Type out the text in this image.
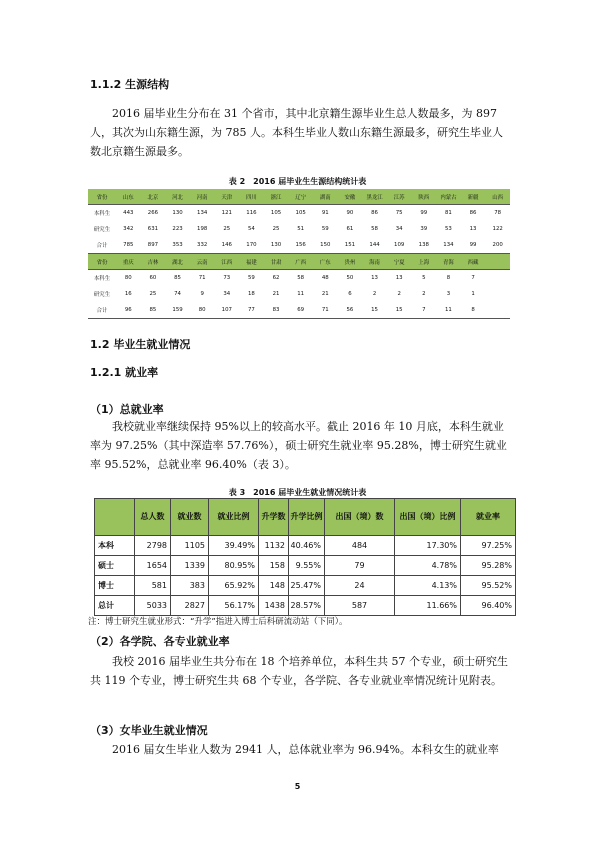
1.1.2 生源结构

2016 届毕业生分布在 31 个省市，其中北京籍生源毕业生总人数最多，为 897 人，其次为山东籍生源，为 785 人。本科生毕业人数山东籍生源最多，研究生毕业人数北京籍生源最多。

表 2　2016 届毕业生生源结构统计表
省份	山东	北京	河北	河南	天津	四川	浙江	辽宁	湖南	安徽	黑龙江	江苏	陕西	内蒙古	新疆	山西
本科生	443	266	130	134	121	116	105	105	91	90	86	75	99	81	86	78
研究生	342	631	223	198	25	54	25	51	59	61	58	34	39	53	13	122
合计	785	897	353	332	146	170	130	156	150	151	144	109	138	134	99	200
省份	重庆	吉林	湖北	云南	江西	福建	甘肃	广西	广东	贵州	海南	宁夏	上海	青海	西藏	
本科生	80	60	85	71	73	59	62	58	48	50	13	13	5	8	7	
研究生	16	25	74	9	34	18	21	11	21	6	2	2	2	3	1	
合计	96	85	159	80	107	77	83	69	71	56	15	15	7	11	8	
1.2 毕业生就业情况
1.2.1 就业率
（1）总就业率

我校就业率继续保持 95%以上的较高水平。截止 2016 年 10 月底，本科生就业率为 97.25%（其中深造率 57.76%），硕士研究生就业率 95.28%，博士研究生就业率 95.52%，总就业率 96.40%（表 3）。

表 3　2016 届毕业生就业情况统计表
	总人数	就业数	就业比例	升学数	升学比例	出国（境）数	出国（境）比例	就业率
本科	2798	1105	39.49%	1132	40.46%	484	17.30%	97.25%
硕士	1654	1339	80.95%	158	9.55%	79	4.78%	95.28%
博士	581	383	65.92%	148	25.47%	24	4.13%	95.52%
总计	5033	2827	56.17%	1438	28.57%	587	11.66%	96.40%
注：博士研究生就业形式：“升学”指进入博士后科研流动站（下同）。
（2）各学院、各专业就业率

我校 2016 届毕业生共分布在 18 个培养单位，本科生共 57 个专业，硕士研究生共 119 个专业，博士研究生共 68 个专业，各学院、各专业就业率情况统计见附表。

（3）女毕业生就业情况

2016 届女生毕业人数为 2941 人，总体就业率为 96.94%。本科女生的就业率

5
